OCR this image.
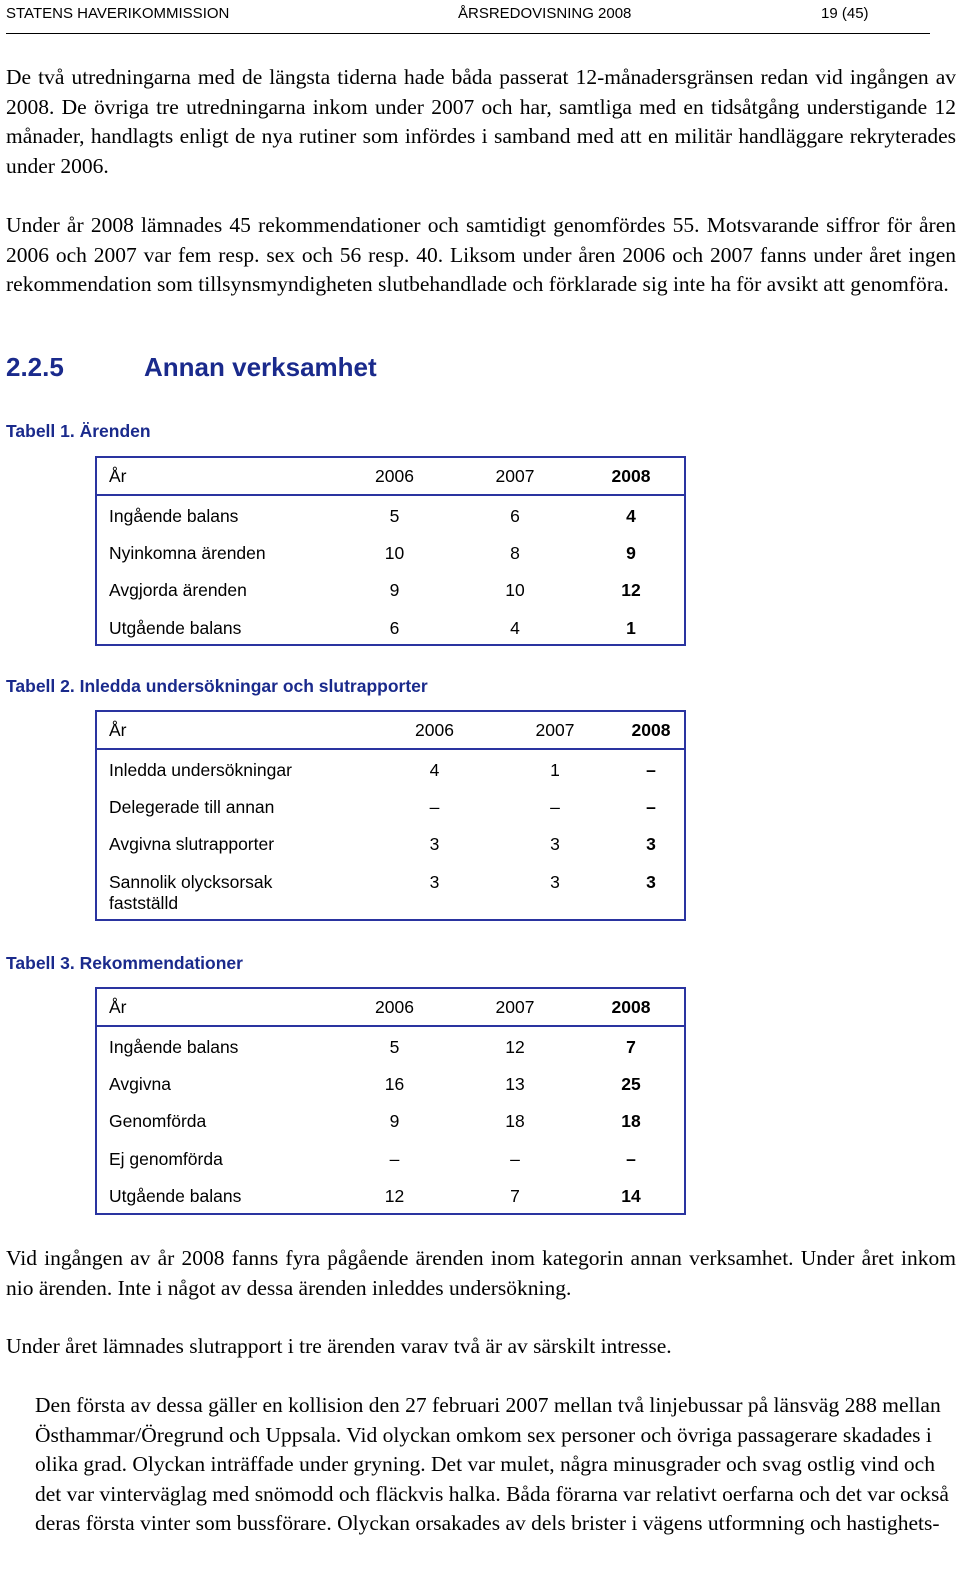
STATENS HAVERIKOMMISSION	ÅRSREDOVISNING 2008	19 (45)

De två utredningarna med de längsta tiderna hade båda passerat 12-månadersgränsen redan vid ingången av 2008. De övriga tre utredningarna inkom under 2007 och har, samtliga med en tidsåtgång understigande 12 månader, handlagts enligt de nya rutiner som infördes i samband med att en militär handläggare rekryterades under 2006.

Under år 2008 lämnades 45 rekommendationer och samtidigt genomfördes 55. Motsvarande siffror för åren 2006 och 2007 var fem resp. sex och 56 resp. 40. Liksom under åren 2006 och 2007 fanns under året ingen rekommendation som tillsynsmyndigheten slutbehandlade och förklarade sig inte ha för avsikt att genomföra.

2.2.5	Annan verksamhet
Tabell 1. Ärenden
År	2006	2007	2008
Ingående balans	5	6	4
Nyinkomna ärenden	10	8	9
Avgjorda ärenden	9	10	12
Utgående balans	6	4	1
Tabell 2. Inledda undersökningar och slutrapporter
År	2006	2007	2008
Inledda undersökningar	4	1	–
Delegerade till annan	–	–	–
Avgivna slutrapporter	3	3	3
Sannolik olycksorsak fastställd	3	3	3
Tabell 3. Rekommendationer
År	2006	2007	2008
Ingående balans	5	12	7
Avgivna	16	13	25
Genomförda	9	18	18
Ej genomförda	–	–	–
Utgående balans	12	7	14

Vid ingången av år 2008 fanns fyra pågående ärenden inom kategorin annan verksamhet. Under året inkom nio ärenden. Inte i något av dessa ärenden inleddes undersökning.

Under året lämnades slutrapport i tre ärenden varav två är av särskilt intresse.

Den första av dessa gäller en kollision den 27 februari 2007 mellan två linjebussar på länsväg 288 mellan Östhammar/Öregrund och Uppsala. Vid olyckan omkom sex personer och övriga passagerare skadades i olika grad. Olyckan inträffade under gryning. Det var mulet, några minusgrader och svag ostlig vind och det var vinterväglag med snömodd och fläckvis halka. Båda förarna var relativt oerfarna och det var också deras första vinter som bussförare. Olyckan orsakades av dels brister i vägens utformning och hastighets-
